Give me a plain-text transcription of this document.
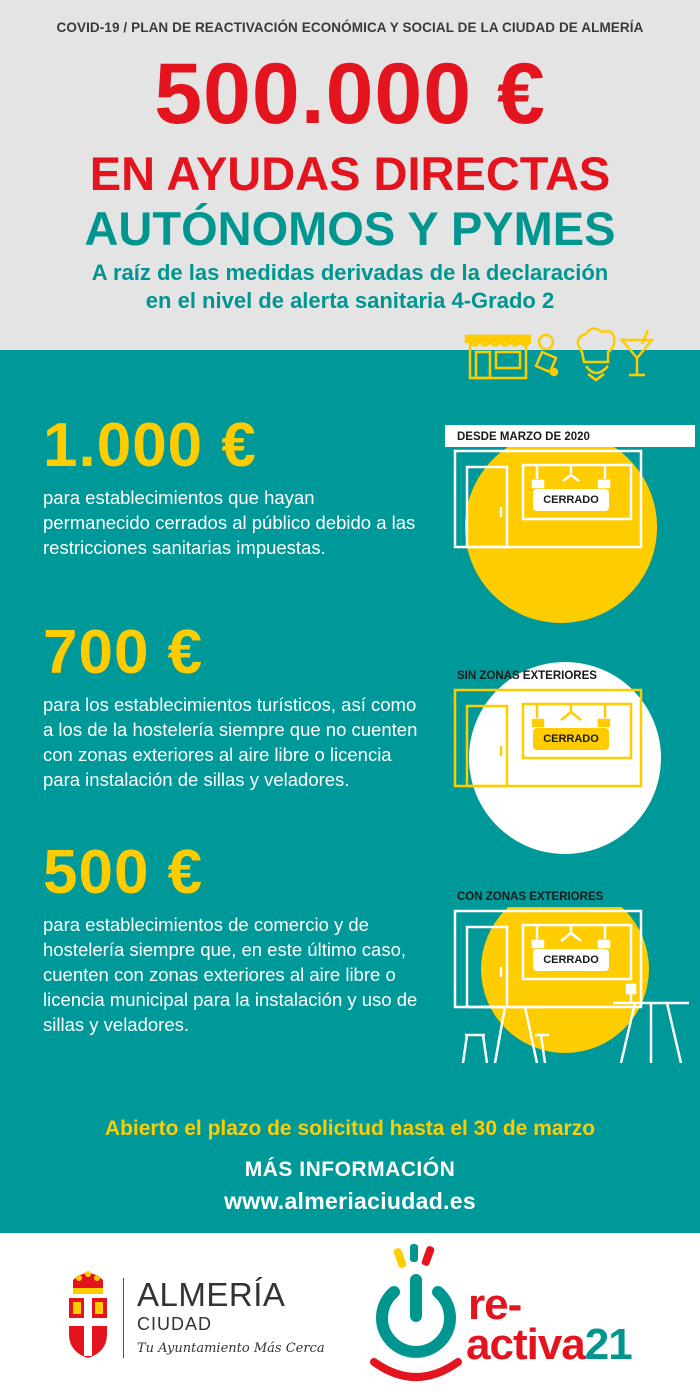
COVID-19 / PLAN DE REACTIVACIÓN ECONÓMICA Y SOCIAL DE LA CIUDAD DE ALMERÍA
500.000 €
EN AYUDAS DIRECTAS
AUTÓNOMOS Y PYMES
A raíz de las medidas derivadas de la declaración
en el nivel de alerta sanitaria 4-Grado 2
1.000 €
para establecimientos que hayan permanecido cerrados al público debido a las restricciones sanitarias impuestas.
DESDE MARZO DE 2020
CERRADO
700 €
para los establecimientos turísticos, así como a los de la hostelería siempre que no cuenten con zonas exteriores al aire libre o licencia para instalación de sillas y veladores.
SIN ZONAS EXTERIORES
CERRADO
500 €
para establecimientos de comercio y de hostelería siempre que, en este último caso, cuenten con zonas exteriores al aire libre o licencia municipal para la instalación y uso de sillas y veladores.
CON ZONAS EXTERIORES
CERRADO
Abierto el plazo de solicitud hasta el 30 de marzo
MÁS INFORMACIÓN
www.almeriaciudad.es
ALMERÍA
CIUDAD
Tu Ayuntamiento Más Cerca
re-
activa21
